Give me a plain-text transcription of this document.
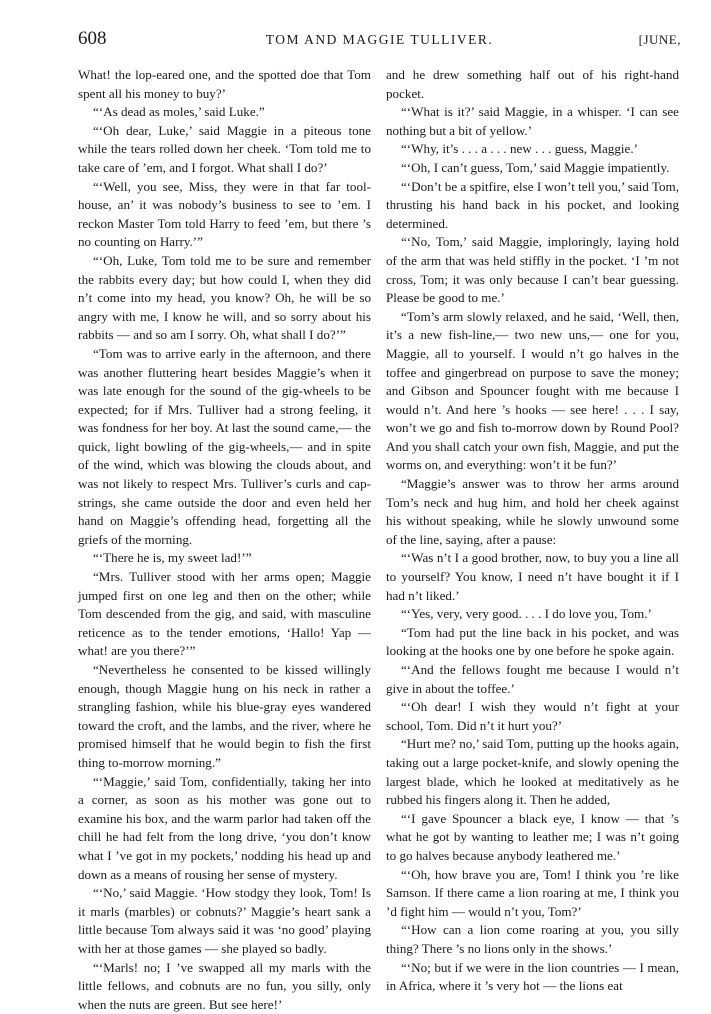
608	TOM AND MAGGIE TULLIVER.	[JUNE,

What! the lop-eared one, and the spotted doe that Tom spent all his money to buy?’

“‘As dead as moles,’ said Luke.”

“‘Oh dear, Luke,’ said Maggie in a piteous tone while the tears rolled down her cheek. ‘Tom told me to take care of ’em, and I forgot. What shall I do?’

“‘Well, you see, Miss, they were in that far tool-house, an’ it was nobody’s business to see to ’em. I reckon Master Tom told Harry to feed ’em, but there ’s no counting on Harry.’”

“‘Oh, Luke, Tom told me to be sure and remember the rabbits every day; but how could I, when they did n’t come into my head, you know? Oh, he will be so angry with me, I know he will, and so sorry about his rabbits — and so am I sorry. Oh, what shall I do?’”

“Tom was to arrive early in the afternoon, and there was another fluttering heart besides Maggie’s when it was late enough for the sound of the gig-wheels to be expected; for if Mrs. Tulliver had a strong feeling, it was fondness for her boy. At last the sound came,— the quick, light bowling of the gig-wheels,— and in spite of the wind, which was blowing the clouds about, and was not likely to respect Mrs. Tulliver’s curls and cap-strings, she came outside the door and even held her hand on Maggie’s offending head, forgetting all the griefs of the morning.

“‘There he is, my sweet lad!’”

“Mrs. Tulliver stood with her arms open; Maggie jumped first on one leg and then on the other; while Tom descended from the gig, and said, with masculine reticence as to the tender emotions, ‘Hallo! Yap — what! are you there?’”

“Nevertheless he consented to be kissed willingly enough, though Maggie hung on his neck in rather a strangling fashion, while his blue-gray eyes wandered toward the croft, and the lambs, and the river, where he promised himself that he would begin to fish the first thing to-morrow morning.”

“‘Maggie,’ said Tom, confidentially, taking her into a corner, as soon as his mother was gone out to examine his box, and the warm parlor had taken off the chill he had felt from the long drive, ‘you don’t know what I ’ve got in my pockets,’ nodding his head up and down as a means of rousing her sense of mystery.

“‘No,’ said Maggie. ‘How stodgy they look, Tom! Is it marls (marbles) or cobnuts?’ Maggie’s heart sank a little because Tom always said it was ‘no good’ playing with her at those games — she played so badly.

“‘Marls! no; I ’ve swapped all my marls with the little fellows, and cobnuts are no fun, you silly, only when the nuts are green. But see here!’

and he drew something half out of his right-hand pocket.

“‘What is it?’ said Maggie, in a whisper. ‘I can see nothing but a bit of yellow.’

“‘Why, it’s . . . a . . . new . . . guess, Maggie.’

“‘Oh, I can’t guess, Tom,’ said Maggie impatiently.

“‘Don’t be a spitfire, else I won’t tell you,’ said Tom, thrusting his hand back in his pocket, and looking determined.

“‘No, Tom,’ said Maggie, imploringly, laying hold of the arm that was held stiffly in the pocket. ‘I ’m not cross, Tom; it was only because I can’t bear guessing. Please be good to me.’

“Tom’s arm slowly relaxed, and he said, ‘Well, then, it’s a new fish-line,— two new uns,— one for you, Maggie, all to yourself. I would n’t go halves in the toffee and gingerbread on purpose to save the money; and Gibson and Spouncer fought with me because I would n’t. And here ’s hooks — see here! . . . I say, won’t we go and fish to-morrow down by Round Pool? And you shall catch your own fish, Maggie, and put the worms on, and everything: won’t it be fun?’

“Maggie’s answer was to throw her arms around Tom’s neck and hug him, and hold her cheek against his without speaking, while he slowly unwound some of the line, saying, after a pause:

“‘Was n’t I a good brother, now, to buy you a line all to yourself? You know, I need n’t have bought it if I had n’t liked.’

“‘Yes, very, very good. . . . I do love you, Tom.’

“Tom had put the line back in his pocket, and was looking at the hooks one by one before he spoke again.

“‘And the fellows fought me because I would n’t give in about the toffee.’

“‘Oh dear! I wish they would n’t fight at your school, Tom. Did n’t it hurt you?’

“Hurt me? no,’ said Tom, putting up the hooks again, taking out a large pocket-knife, and slowly opening the largest blade, which he looked at meditatively as he rubbed his fingers along it. Then he added,

“‘I gave Spouncer a black eye, I know — that ’s what he got by wanting to leather me; I was n’t going to go halves because anybody leathered me.’

“‘Oh, how brave you are, Tom! I think you ’re like Samson. If there came a lion roaring at me, I think you ’d fight him — would n’t you, Tom?’

“‘How can a lion come roaring at you, you silly thing? There ’s no lions only in the shows.’

“‘No; but if we were in the lion countries — I mean, in Africa, where it ’s very hot — the lions eat
